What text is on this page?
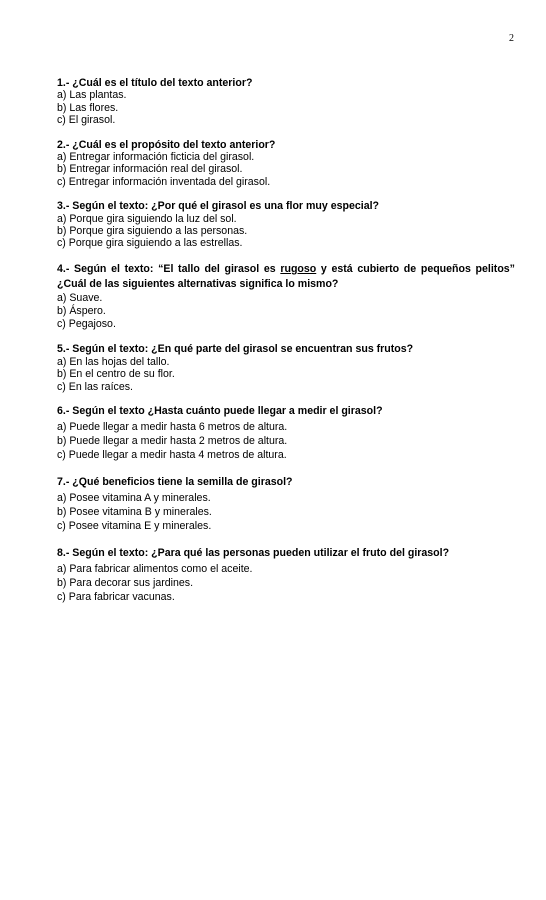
2

1.- ¿Cuál es el título del texto anterior?

a) Las plantas.
b) Las flores.
c) El girasol.

2.- ¿Cuál es el propósito del texto anterior?

a) Entregar información ficticia del girasol.
b) Entregar información real del girasol.
c) Entregar información inventada del girasol.

3.- Según el texto: ¿Por qué el girasol es una flor muy especial?

a) Porque gira siguiendo la luz del sol.
b) Porque gira siguiendo a las personas.
c) Porque gira siguiendo a las estrellas.

4.- Según el texto: “El tallo del girasol es rugoso y está cubierto de pequeños pelitos” ¿Cuál de las siguientes alternativas significa lo mismo?

a) Suave.
b) Áspero.
c) Pegajoso.

5.- Según el texto: ¿En qué parte del girasol se encuentran sus frutos?

a) En las hojas del tallo.
b) En el centro de su flor.
c) En las raíces.

6.- Según el texto ¿Hasta cuánto puede llegar a medir el girasol?

a) Puede llegar a medir hasta 6 metros de altura.
b) Puede llegar a medir hasta 2 metros de altura.
c) Puede llegar a medir hasta 4 metros de altura.

7.- ¿Qué beneficios tiene la semilla de girasol?

a) Posee vitamina A y minerales.
b) Posee vitamina B y minerales.
c) Posee vitamina E y minerales.

8.- Según el texto: ¿Para qué las personas pueden utilizar el fruto del girasol?

a) Para fabricar alimentos como el aceite.
b) Para decorar sus jardines.
c) Para fabricar vacunas.
